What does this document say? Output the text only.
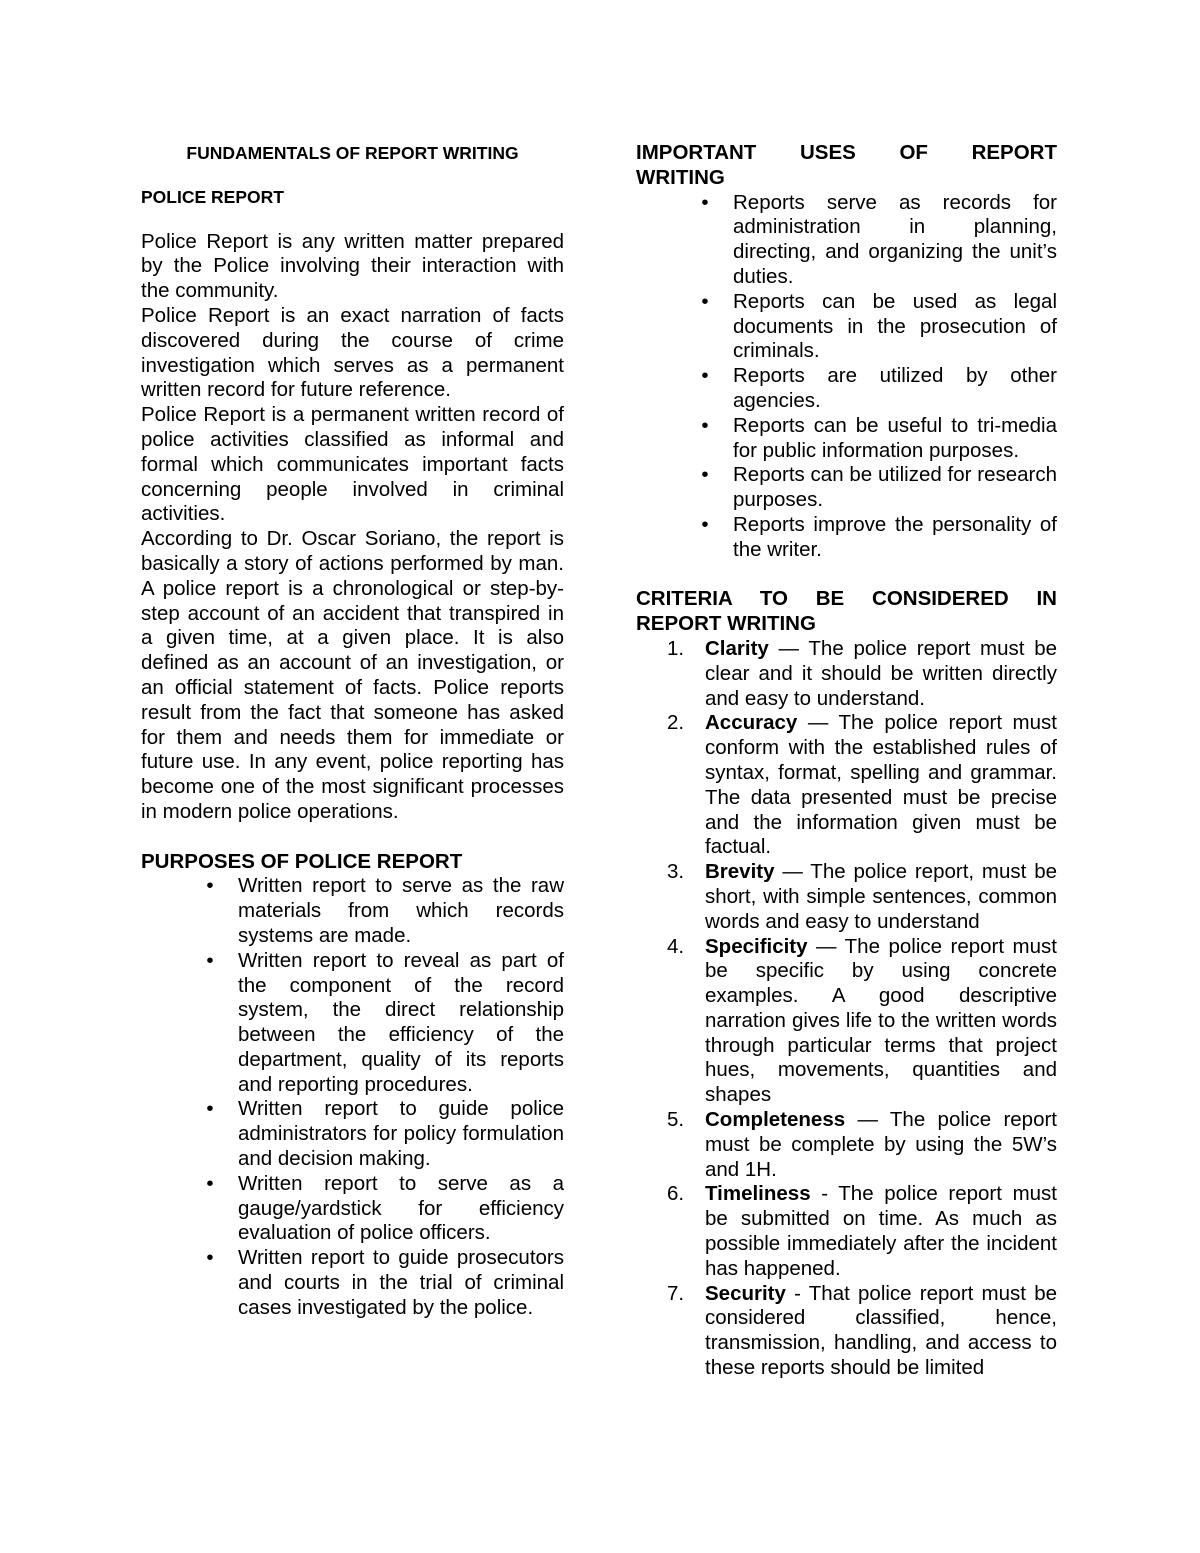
FUNDAMENTALS OF REPORT WRITING
POLICE REPORT

Police Report is any written matter prepared by the Police involving their interaction with the community.

Police Report is an exact narration of facts discovered during the course of crime investigation which serves as a permanent written record for future reference.

Police Report is a permanent written record of police activities classified as informal and formal which communicates important facts concerning people involved in criminal activities.

According to Dr. Oscar Soriano, the report is basically a story of actions performed by man. A police report is a chronological or step-by-step account of an accident that transpired in a given time, at a given place. It is also defined as an account of an investigation, or an official statement of facts. Police reports result from the fact that someone has asked for them and needs them for immediate or future use. In any event, police reporting has become one of the most significant processes in modern police operations.

PURPOSES OF POLICE REPORT
• Written report to serve as the raw materials from which records systems are made.
• Written report to reveal as part of the component of the record system, the direct relationship between the efficiency of the department, quality of its reports and reporting procedures.
• Written report to guide police administrators for policy formulation and decision making.
• Written report to serve as a gauge/yardstick for efficiency evaluation of police officers.
• Written report to guide prosecutors and courts in the trial of criminal cases investigated by the police.
IMPORTANT USES OF REPORT
WRITING
• Reports serve as records for administration in planning, directing, and organizing the unit’s duties.
• Reports can be used as legal documents in the prosecution of criminals.
• Reports are utilized by other agencies.
• Reports can be useful to tri-media for public information purposes.
• Reports can be utilized for research purposes.
• Reports improve the personality of the writer.
CRITERIA TO BE CONSIDERED IN
REPORT WRITING
1.	Clarity — The police report must be clear and it should be written directly and easy to understand.
2.	Accuracy — The police report must conform with the established rules of syntax, format, spelling and grammar. The data presented must be precise and the information given must be factual.
3.	Brevity — The police report, must be short, with simple sentences, common words and easy to understand
4.	Specificity — The police report must be specific by using concrete examples. A good descriptive narration gives life to the written words through particular terms that project hues, movements, quantities and shapes
5.	Completeness — The police report must be complete by using the 5W’s and 1H.
6.	Timeliness - The police report must be submitted on time. As much as possible immediately after the incident has happened.
7.	Security - That police report must be considered classified, hence, transmission, handling, and access to these reports should be limited
